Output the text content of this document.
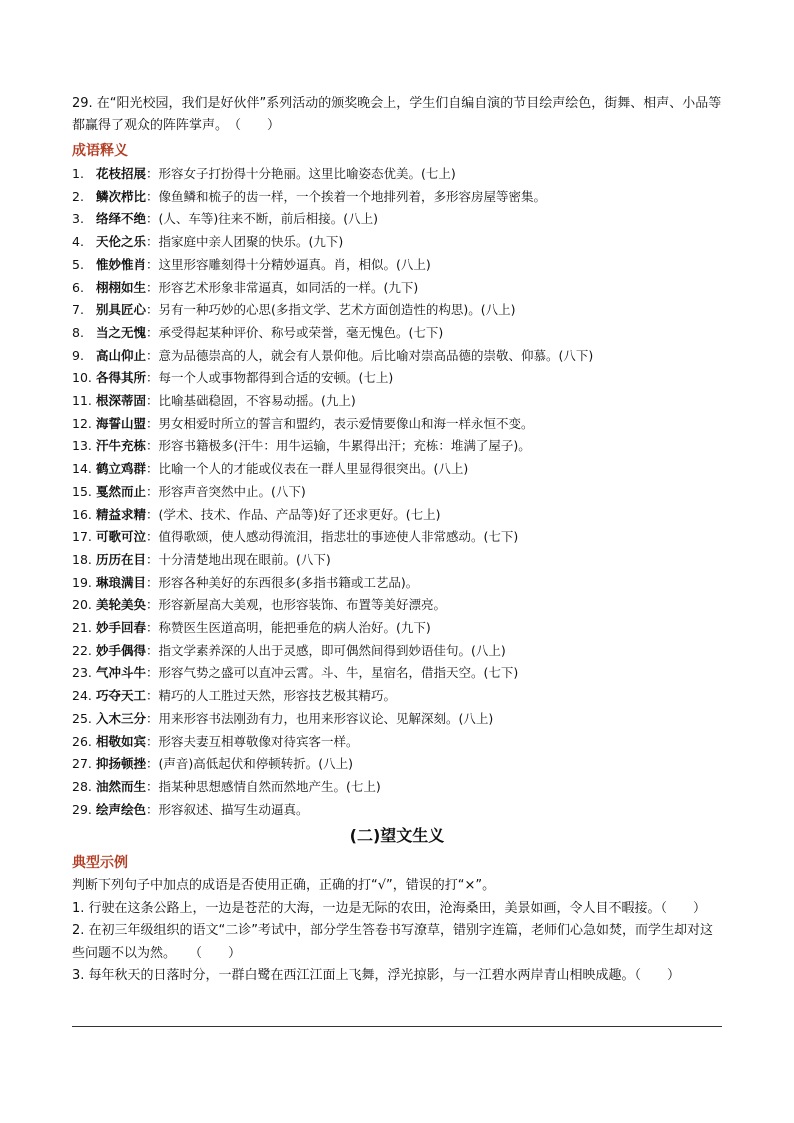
29. 在“阳光校园，我们是好伙伴”系列活动的颁奖晚会上，学生们自编自演的节目绘声绘色，街舞、相声、小品等都赢得了观众的阵阵掌声。　（　　）

成语释义
1. 花枝招展：形容女子打扮得十分艳丽。这里比喻姿态优美。(七上)
2. 鳞次栉比：像鱼鳞和梳子的齿一样，一个挨着一个地排列着，多形容房屋等密集。
3. 络绎不绝：(人、车等)往来不断，前后相接。(八上)
4. 天伦之乐：指家庭中亲人团聚的快乐。(九下)
5. 惟妙惟肖：这里形容雕刻得十分精妙逼真。肖，相似。(八上)
6. 栩栩如生：形容艺术形象非常逼真，如同活的一样。(九下)
7. 别具匠心：另有一种巧妙的心思(多指文学、艺术方面创造性的构思)。(八上)
8. 当之无愧：承受得起某种评价、称号或荣誉，毫无愧色。(七下)
9. 高山仰止：意为品德崇高的人，就会有人景仰他。后比喻对崇高品德的崇敬、仰慕。(八下)
10. 各得其所：每一个人或事物都得到合适的安顿。(七上)
11. 根深蒂固：比喻基础稳固，不容易动摇。(九上)
12. 海誓山盟：男女相爱时所立的誓言和盟约，表示爱情要像山和海一样永恒不变。
13. 汗牛充栋：形容书籍极多(汗牛：用牛运输，牛累得出汗；充栋：堆满了屋子)。
14. 鹤立鸡群：比喻一个人的才能或仪表在一群人里显得很突出。(八上)
15. 戛然而止：形容声音突然中止。(八下)
16. 精益求精：(学术、技术、作品、产品等)好了还求更好。(七上)
17. 可歌可泣：值得歌颂，使人感动得流泪，指悲壮的事迹使人非常感动。(七下)
18. 历历在目：十分清楚地出现在眼前。(八下)
19. 琳琅满目：形容各种美好的东西很多(多指书籍或工艺品)。
20. 美轮美奂：形容新屋高大美观，也形容装饰、布置等美好漂亮。
21. 妙手回春：称赞医生医道高明，能把垂危的病人治好。(九下)
22. 妙手偶得：指文学素养深的人出于灵感，即可偶然间得到妙语佳句。(八上)
23. 气冲斗牛：形容气势之盛可以直冲云霄。斗、牛，星宿名，借指天空。(七下)
24. 巧夺天工：精巧的人工胜过天然，形容技艺极其精巧。
25. 入木三分：用来形容书法刚劲有力，也用来形容议论、见解深刻。(八上)
26. 相敬如宾：形容夫妻互相尊敬像对待宾客一样。
27. 抑扬顿挫：(声音)高低起伏和停顿转折。(八上)
28. 油然而生：指某种思想感情自然而然地产生。(七上)
29. 绘声绘色：形容叙述、描写生动逼真。
(二)望文生义
典型示例

判断下列句子中加点的成语是否使用正确，正确的打“√”，错误的打“×”。

1. 行驶在这条公路上，一边是苍茫的大海，一边是无际的农田，沧海桑田，美景如画，令人目不暇接。（　　）

2. 在初三年级组织的语文“二诊”考试中，部分学生答卷书写潦草，错别字连篇，老师们心急如焚，而学生却对这些问题不以为然。　　（　　）

3. 每年秋天的日落时分，一群白鹭在西江江面上飞舞，浮光掠影，与一江碧水两岸青山相映成趣。（　　）
